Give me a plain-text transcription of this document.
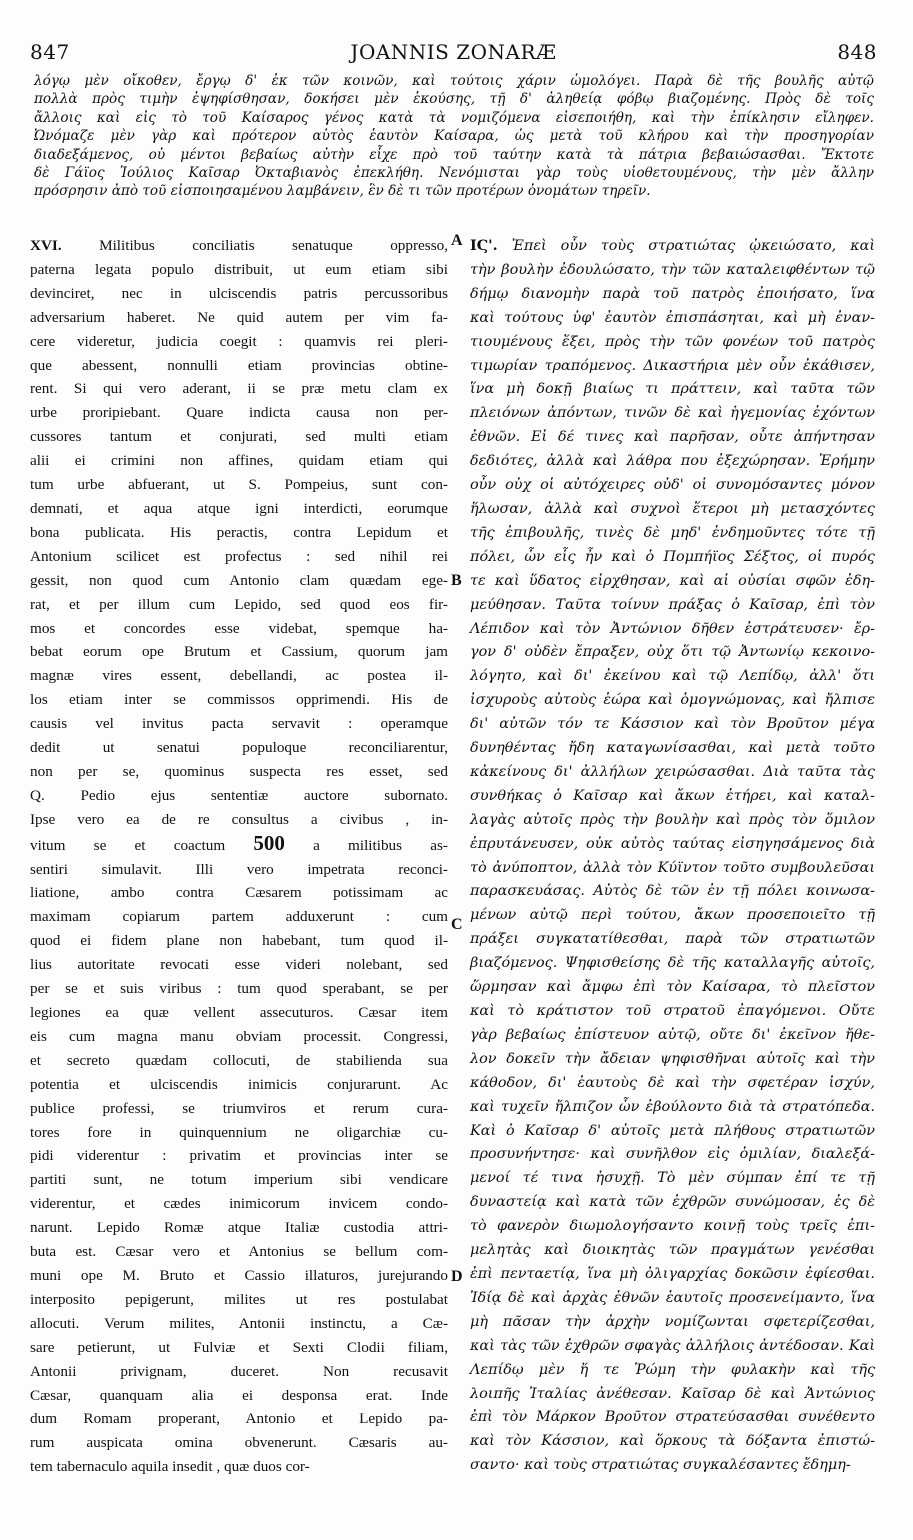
847	JOANNIS ZONARÆ	848
λόγῳ μὲν οἴκοθεν, ἔργῳ δ' ἐκ τῶν κοινῶν, καὶ τούτοις χάριν ὡμολόγει. Παρὰ δὲ τῆς βουλῆς αὐτῷ
πολλὰ πρὸς τιμὴν ἐψηφίσθησαν, δοκήσει μὲν ἑκούσης, τῇ δ' ἀληθείᾳ φόβῳ βιαζομένης. Πρὸς δὲ τοῖς
ἄλλοις καὶ εἰς τὸ τοῦ Καίσαρος γένος κατὰ τὰ νομιζόμενα εἰσεποιήθη, καὶ τὴν ἐπίκλησιν εἴληφεν.
Ὠνόμαζε μὲν γὰρ καὶ πρότερον αὑτὸς ἑαυτὸν Καίσαρα, ὡς μετὰ τοῦ κλήρου καὶ τὴν προσηγορίαν
διαδεξάμενος, οὐ μέντοι βεβαίως αὐτὴν εἶχε πρὸ τοῦ ταύτην κατὰ τὰ πάτρια βεβαιώσασθαι. Ἔκτοτε
δὲ Γάϊος Ἰούλιος Καῖσαρ Ὀκταβιανὸς ἐπεκλήθη. Νενόμισται γὰρ τοὺς υἱοθετουμένους, τὴν μὲν ἄλλην
πρόσρησιν ἀπὸ τοῦ εἰσποιησαμένου λαμβάνειν, ἓν δὲ τι τῶν προτέρων ὀνομάτων τηρεῖν.
XVI. Militibus conciliatis senatuque oppresso,
paterna legata populo distribuit, ut eum etiam sibi
devinciret, nec in ulciscendis patris percussoribus
adversarium haberet. Ne quid autem per vim fa-
cere videretur, judicia coegit : quamvis rei pleri-
que abessent, nonnulli etiam provincias obtine-
rent. Si qui vero aderant, ii se præ metu clam ex
urbe proripiebant. Quare indicta causa non per-
cussores tantum et conjurati, sed multi etiam
alii ei crimini non affines, quidam etiam qui
tum urbe abfuerant, ut S. Pompeius, sunt con-
demnati, et aqua atque igni interdicti, eorumque
bona publicata. His peractis, contra Lepidum et
Antonium scilicet est profectus : sed nihil rei
gessit, non quod cum Antonio clam quædam ege-
rat, et per illum cum Lepido, sed quod eos fir-
mos et concordes esse videbat, spemque ha-
bebat eorum ope Brutum et Cassium, quorum jam
magnæ vires essent, debellandi, ac postea il-
los etiam inter se commissos opprimendi. His de
causis vel invitus pacta servavit : operamque
dedit ut senatui populoque reconciliarentur,
non per se, quominus suspecta res esset, sed
Q. Pedio ejus sententiæ auctore subornato.
Ipse vero ea de re consultus a civibus , in-
vitum se et coactum 500 a militibus as-
sentiri simulavit. Illi vero impetrata reconci-
liatione, ambo contra Cæsarem potissimam ac
maximam copiarum partem adduxerunt : cum
quod ei fidem plane non habebant, tum quod il-
lius autoritate revocati esse videri nolebant, sed
per se et suis viribus : tum quod sperabant, se per
legiones ea quæ vellent assecuturos. Cæsar item
eis cum magna manu obviam processit. Congressi,
et secreto quædam collocuti, de stabilienda sua
potentia et ulciscendis inimicis conjurarunt. Ac
publice professi, se triumviros et rerum cura-
tores fore in quinquennium ne oligarchiæ cu-
pidi viderentur : privatim et provincias inter se
partiti sunt, ne totum imperium sibi vendicare
viderentur, et cædes inimicorum invicem condo-
narunt. Lepido Romæ atque Italiæ custodia attri-
buta est. Cæsar vero et Antonius se bellum com-
muni ope M. Bruto et Cassio illaturos, jurejurando
interposito pepigerunt, milites ut res postulabat
allocuti. Verum milites, Antonii instinctu, a Cæ-
sare petierunt, ut Fulviæ et Sexti Clodii filiam,
Antonii privignam, duceret. Non recusavit
Cæsar, quanquam alia ei desponsa erat. Inde
dum Romam properant, Antonio et Lepido pa-
rum auspicata omina obvenerunt. Cæsaris au-
tem tabernaculo aquila insedit , quæ duos cor-
ΙϚ'. Ἐπεὶ οὖν τοὺς στρατιώτας ᾠκειώσατο, καὶ
τὴν βουλὴν ἐδουλώσατο, τὴν τῶν καταλειφθέντων τῷ
δήμῳ διανομὴν παρὰ τοῦ πατρὸς ἐποιήσατο, ἵνα
καὶ τούτους ὑφ' ἑαυτὸν ἐπισπάσηται, καὶ μὴ ἐναν-
τιουμένους ἕξει, πρὸς τὴν τῶν φονέων τοῦ πατρὸς
τιμωρίαν τραπόμενος. Δικαστήρια μὲν οὖν ἐκάθισεν,
ἵνα μὴ δοκῇ βιαίως τι πράττειν, καὶ ταῦτα τῶν
πλειόνων ἀπόντων, τινῶν δὲ καὶ ἡγεμονίας ἐχόντων
ἐθνῶν. Εἰ δέ τινες καὶ παρῆσαν, οὗτε ἀπήντησαν
δεδιότες, ἀλλὰ καὶ λάθρα που ἐξεχώρησαν. Ἐρήμην
οὖν οὐχ οἱ αὐτόχειρες οὐδ' οἱ συνομόσαντες μόνον
ἥλωσαν, ἀλλὰ καὶ συχνοὶ ἕτεροι μὴ μετασχόντες
τῆς ἐπιβουλῆς, τινὲς δὲ μηδ' ἐνδημοῦντες τότε τῇ
πόλει, ὧν εἷς ἦν καὶ ὁ Πομπήϊος Σέξτος, οἱ πυρός
τε καὶ ὕδατος εἰρχθησαν, καὶ αἱ οὐσίαι σφῶν ἐδη-
μεύθησαν. Ταῦτα τοίνυν πράξας ὁ Καῖσαρ, ἐπὶ τὸν
Λέπιδον καὶ τὸν Ἀντώνιον δῆθεν ἐστράτευσεν· ἔρ-
γον δ' οὐδὲν ἔπραξεν, οὐχ ὅτι τῷ Ἀντωνίῳ κεκοινο-
λόγητο, καὶ δι' ἐκείνου καὶ τῷ Λεπίδῳ, ἀλλ' ὅτι
ἰσχυροὺς αὐτοὺς ἑώρα καὶ ὁμογνώμονας, καὶ ἤλπισε
δι' αὐτῶν τόν τε Κάσσιον καὶ τὸν Βροῦτον μέγα
δυνηθέντας ἤδη καταγωνίσασθαι, καὶ μετὰ τοῦτο
κἀκείνους δι' ἀλλήλων χειρώσασθαι. Διὰ ταῦτα τὰς
συνθήκας ὁ Καῖσαρ καὶ ἄκων ἐτήρει, καὶ καταλ-
λαγὰς αὐτοῖς πρὸς τὴν βουλὴν καὶ πρὸς τὸν ὅμιλον
ἐπρυτάνευσεν, οὐκ αὐτὸς ταύτας εἰσηγησάμενος διὰ
τὸ ἀνύποπτον, ἀλλὰ τὸν Κύϊντον τοῦτο συμβουλεῦσαι
παρασκευάσας. Αὐτὸς δὲ τῶν ἐν τῇ πόλει κοινωσα-
μένων αὐτῷ περὶ τούτου, ἄκων προσεποιεῖτο τῇ
πράξει συγκατατίθεσθαι, παρὰ τῶν στρατιωτῶν
βιαζόμενος. Ψηφισθείσης δὲ τῆς καταλλαγῆς αὐτοῖς,
ὥρμησαν καὶ ἄμφω ἐπὶ τὸν Καίσαρα, τὸ πλεῖστον
καὶ τὸ κράτιστον τοῦ στρατοῦ ἐπαγόμενοι. Οὔτε
γὰρ βεβαίως ἐπίστευον αὐτῷ, οὔτε δι' ἐκεῖνον ἤθε-
λον δοκεῖν τὴν ἄδειαν ψηφισθῆναι αὐτοῖς καὶ τὴν
κάθοδον, δι' ἑαυτοὺς δὲ καὶ τὴν σφετέραν ἰσχύν,
καὶ τυχεῖν ἤλπιζον ὧν ἐβούλοντο διὰ τὰ στρατόπεδα.
Καὶ ὁ Καῖσαρ δ' αὐτοῖς μετὰ πλήθους στρατιωτῶν
προσυνήντησε· καὶ συνῆλθον εἰς ὁμιλίαν, διαλεξά-
μενοί τέ τινα ἡσυχῇ. Τὸ μὲν σύμπαν ἐπί τε τῇ
δυναστείᾳ καὶ κατὰ τῶν ἐχθρῶν συνώμοσαν, ἐς δὲ
τὸ φανερὸν διωμολογήσαντο κοινῇ τοὺς τρεῖς ἐπι-
μελητὰς καὶ διοικητὰς τῶν πραγμάτων γενέσθαι
ἐπὶ πενταετίᾳ, ἵνα μὴ ὀλιγαρχίας δοκῶσιν ἐφίεσθαι.
Ἰδίᾳ δὲ καὶ ἀρχὰς ἐθνῶν ἑαυτοῖς προσενείμαντο, ἵνα
μὴ πᾶσαν τὴν ἀρχὴν νομίζωνται σφετερίζεσθαι,
καὶ τὰς τῶν ἐχθρῶν σφαγὰς ἀλλήλοις ἀντέδοσαν. Καὶ
Λεπίδῳ μὲν ἥ τε Ῥώμη τὴν φυλακὴν καὶ τῆς
λοιπῆς Ἰταλίας ἀνέθεσαν. Καῖσαρ δὲ καὶ Ἀντώνιος
ἐπὶ τὸν Μάρκον Βροῦτον στρατεύσασθαι συνέθεντο
καὶ τὸν Κάσσιον, καὶ ὅρκους τὰ δόξαντα ἐπιστώ-
σαντο· καὶ τοὺς στρατιώτας συγκαλέσαντες ἔδημη-
A
B
C
D
